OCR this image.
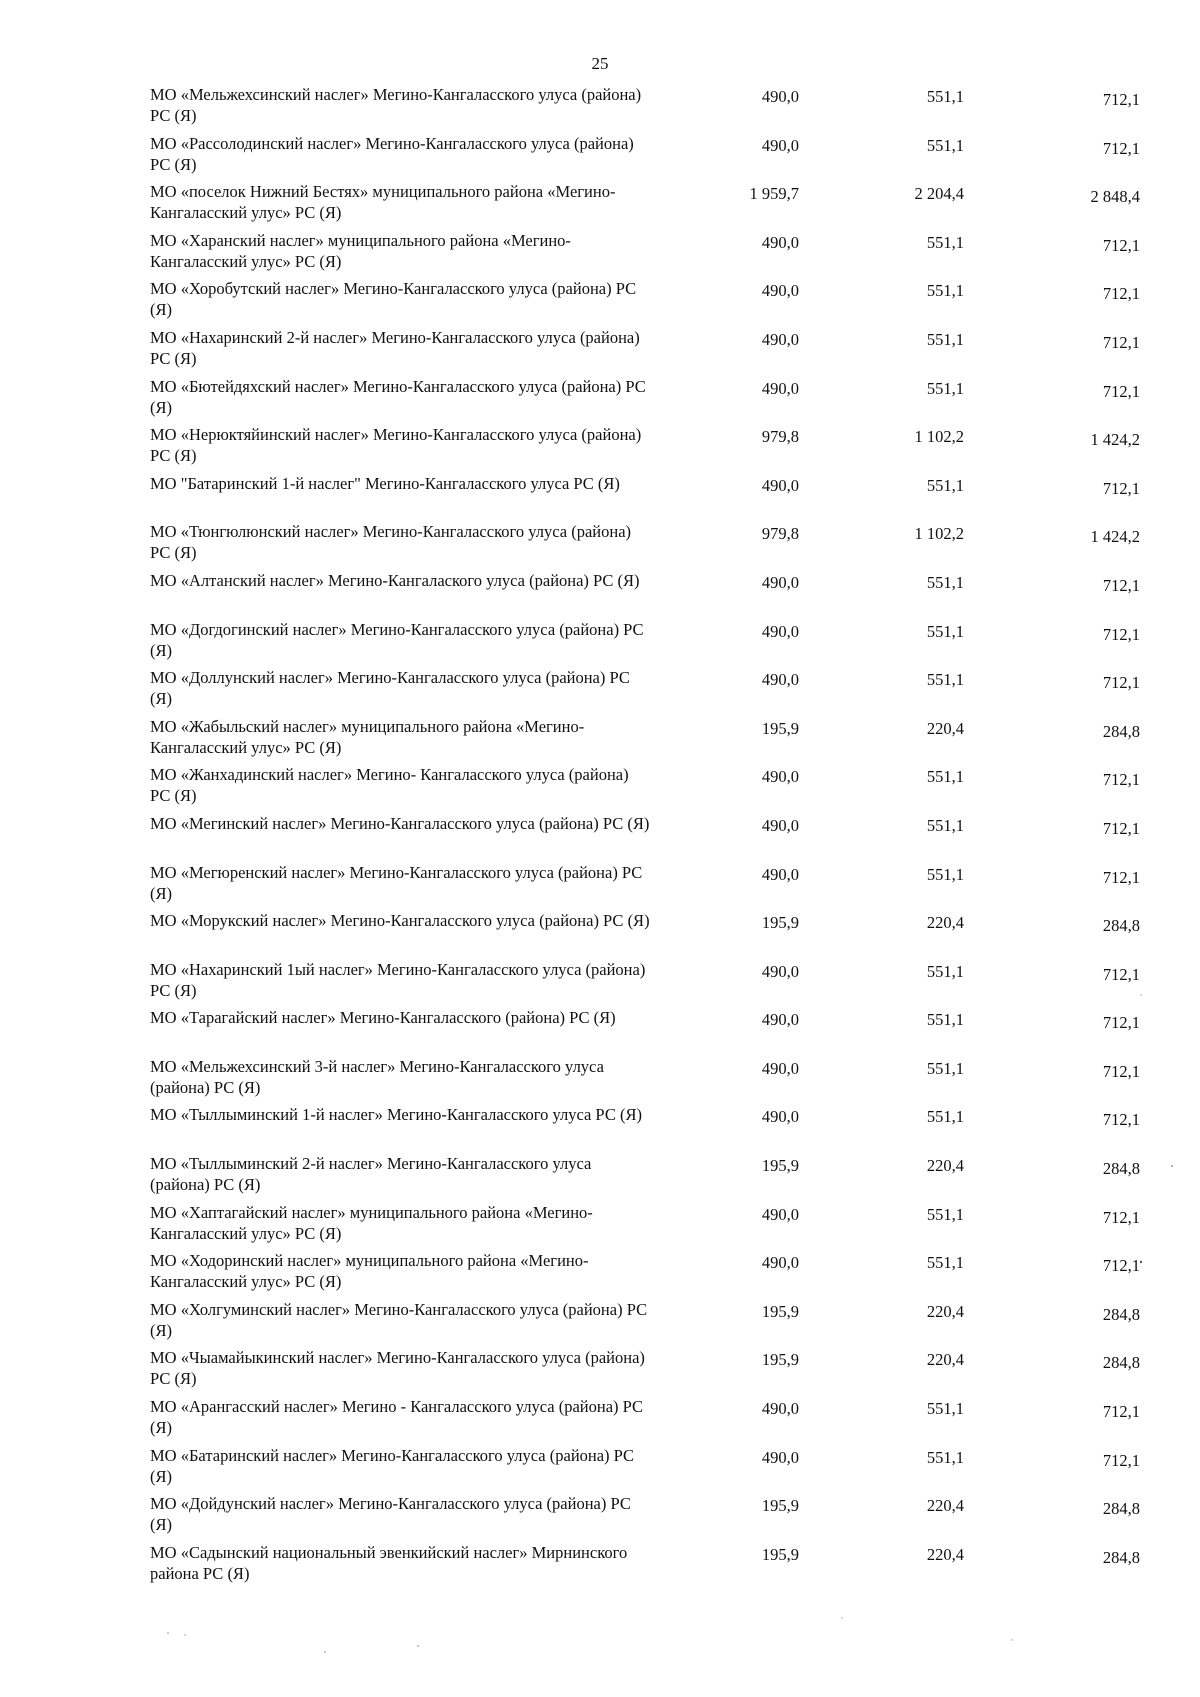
25
МО «Мельжехсинский наслег» Мегино-Кангаласского улуса (района) РС (Я)
490,0	551,1	712,1
МО «Рассолодинский наслег» Мегино-Кангаласского улуса (района) РС (Я)
490,0	551,1	712,1
МО «поселок Нижний Бестях» муниципального района «Мегино-Кангаласский улус» РС (Я)
1 959,7	2 204,4	2 848,4
МО «Харанский наслег» муниципального района «Мегино-Кангаласский улус» РС (Я)
490,0	551,1	712,1
МО «Хоробутский наслег» Мегино-Кангаласского улуса (района) РС (Я)
490,0	551,1	712,1
МО «Нахаринский 2-й наслег» Мегино-Кангаласского улуса (района) РС (Я)
490,0	551,1	712,1
МО «Бютейдяхский наслег» Мегино-Кангаласского улуса (района) РС (Я)
490,0	551,1	712,1
МО «Нерюктяйинский наслег» Мегино-Кангаласского улуса (района) РС (Я)
979,8	1 102,2	1 424,2
МО "Батаринский 1-й наслег" Мегино-Кангаласского улуса РС (Я)	490,0	551,1	712,1
МО «Тюнгюлюнский наслег» Мегино-Кангаласского улуса (района) РС (Я)
979,8	1 102,2	1 424,2
МО «Алтанский наслег» Мегино-Кангалаского улуса (района) РС (Я)	490,0	551,1	712,1
МО «Догдогинский наслег» Мегино-Кангаласского улуса (района) РС (Я)
490,0	551,1	712,1
МО «Доллунский наслег» Мегино-Кангаласского улуса (района) РС (Я)
490,0	551,1	712,1
МО «Жабыльский наслег» муниципального района «Мегино-Кангаласский улус» РС (Я)
195,9	220,4	284,8
МО «Жанхадинский наслег» Мегино- Кангаласского улуса (района) РС (Я)
490,0	551,1	712,1
МО «Мегинский наслег» Мегино-Кангаласского улуса (района) РС (Я)	490,0	551,1	712,1
МО «Мегюренский наслег» Мегино-Кангаласского улуса (района) РС (Я)
490,0	551,1	712,1
МО «Морукский наслег» Мегино-Кангаласского улуса (района) РС (Я)	195,9	220,4	284,8
МО «Нахаринский 1ый наслег» Мегино-Кангаласского улуса (района) РС (Я)
490,0	551,1	712,1
МО «Тарагайский наслег» Мегино-Кангаласского (района) РС (Я)	490,0	551,1	712,1
МО «Мельжехсинский 3-й наслег» Мегино-Кангаласского улуса (района) РС (Я)
490,0	551,1	712,1
МО «Тыллыминский 1-й наслег» Мегино-Кангаласского улуса РС (Я)	490,0	551,1	712,1
МО «Тыллыминский 2-й наслег» Мегино-Кангаласского улуса (района) РС (Я)
195,9	220,4	284,8
МО «Хаптагайский наслег» муниципального района «Мегино-Кангаласский улус» РС (Я)
490,0	551,1	712,1
МО «Ходоринский наслег» муниципального района «Мегино-Кангаласский улус» РС (Я)
490,0	551,1	712,1
МО «Холгуминский наслег» Мегино-Кангаласского улуса (района) РС (Я)
195,9	220,4	284,8
МО «Чыамайыкинский наслег» Мегино-Кангаласского улуса (района) РС (Я)
195,9	220,4	284,8
МО «Арангасский наслег» Мегино - Кангаласского улуса (района) РС (Я)
490,0	551,1	712,1
МО «Батаринский наслег» Мегино-Кангаласского улуса (района) РС (Я)
490,0	551,1	712,1
МО «Дойдунский наслег» Мегино-Кангаласского улуса (района) РС (Я)
195,9	220,4	284,8
МО «Садынский национальный эвенкийский наслег» Мирнинского района РС (Я)
195,9	220,4	284,8
